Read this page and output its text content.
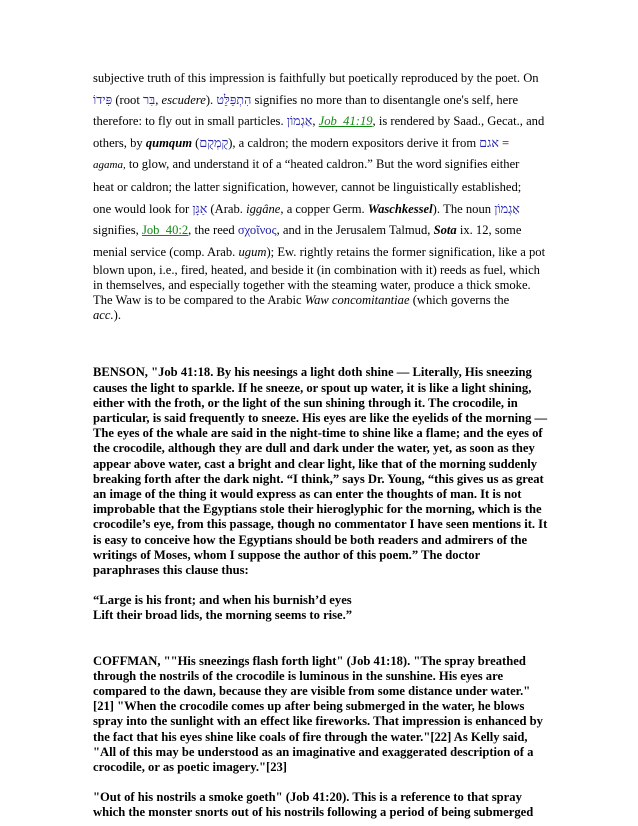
subjective truth of this impression is faithfully but poetically reproduced by the poet. On
פִּידוֹ (root בִּר, escudere). הִתְפַּלֵּט signifies no more than to disentangle one's self, here
therefore: to fly out in small particles. אַגְמוֹן, Job_41:19, is rendered by Saad., Gecat., and
others, by qumqum (קֻמְקֻם), a caldron; the modern expositors derive it from אגם =
agama, to glow, and understand it of a “heated caldron.” But the word signifies either
heat or caldron; the latter signification, however, cannot be linguistically established;
one would look for אַגָּן (Arab. iggâne, a copper Germ. Waschkessel). The noun אַגְמוֹן
signifies, Job_40:2, the reed σχοῖνος, and in the Jerusalem Talmud, Sota ix. 12, some
menial service (comp. Arab. ugum); Ew. rightly retains the former signification, like a pot
blown upon, i.e., fired, heated, and beside it (in combination with it) reeds as fuel, which in themselves, and especially together with the steaming water, produce a thick smoke. The Waw is to be compared to the Arabic Waw concomitantiae (which governs the
acc.).

BENSON, "Job 41:18. By his neesings a light doth shine — Literally, His sneezing causes the light to sparkle. If he sneeze, or spout up water, it is like a light shining, either with the froth, or the light of the sun shining through it. The crocodile, in particular, is said frequently to sneeze. His eyes are like the eyelids of the morning — The eyes of the whale are said in the night-time to shine like a flame; and the eyes of the crocodile, although they are dull and dark under the water, yet, as soon as they appear above water, cast a bright and clear light, like that of the morning suddenly breaking forth after the dark night. “I think,” says Dr. Young, “this gives us as great an image of the thing it would express as can enter the thoughts of man. It is not improbable that the Egyptians stole their hieroglyphic for the morning, which is the crocodile’s eye, from this passage, though no commentator I have seen mentions it. It is easy to conceive how the Egyptians should be both readers and admirers of the writings of Moses, whom I suppose the author of this poem.” The doctor paraphrases this clause thus:

“Large is his front; and when his burnish’d eyes
Lift their broad lids, the morning seems to rise.”

COFFMAN, ""His sneezings flash forth light" (Job 41:18). "The spray breathed through the nostrils of the crocodile is luminous in the sunshine. His eyes are compared to the dawn, because they are visible from some distance under water."[21] "When the crocodile comes up after being submerged in the water, he blows spray into the sunlight with an effect like fireworks. That impression is enhanced by the fact that his eyes shine like coals of fire through the water."[22] As Kelly said, "All of this may be understood as an imaginative and exaggerated description of a crocodile, or as poetic imagery."[23]

"Out of his nostrils a smoke goeth" (Job 41:20). This is a reference to that spray which the monster snorts out of his nostrils following a period of being submerged
